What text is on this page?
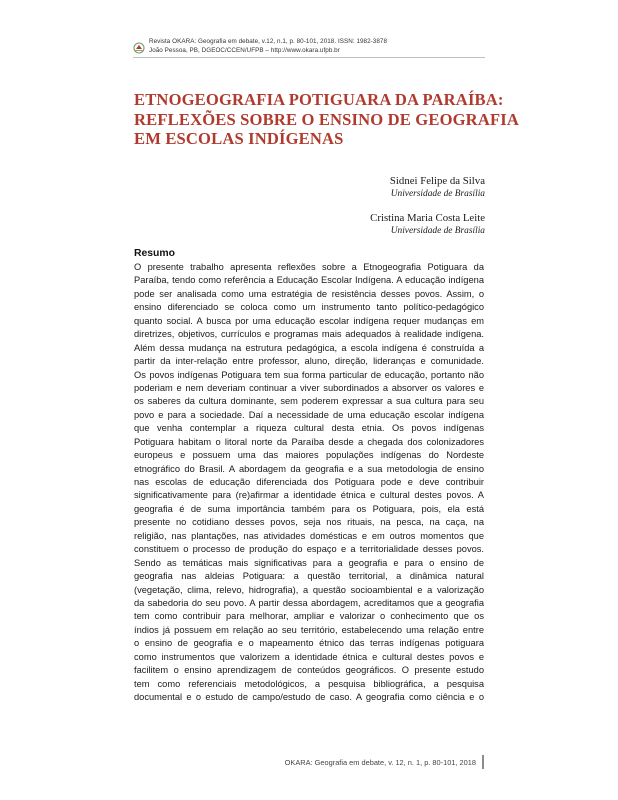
Revista OKARA: Geografia em debate, v.12, n.1, p. 80-101, 2018. ISSN: 1982-3878
João Pessoa, PB, DGEOC/CCEN/UFPB – http://www.okara.ufpb.br
ETNOGEOGRAFIA POTIGUARA DA PARAÍBA:
REFLEXÕES SOBRE O ENSINO DE GEOGRAFIA
EM ESCOLAS INDÍGENAS
Sidnei Felipe da Silva
Universidade de Brasília
Cristina Maria Costa Leite
Universidade de Brasília
Resumo
O presente trabalho apresenta reflexões sobre a Etnogeografia Potiguara da
Paraíba, tendo como referência a Educação Escolar Indígena. A educação indígena
pode ser analisada como uma estratégia de resistência desses povos. Assim, o
ensino diferenciado se coloca como um instrumento tanto político-pedagógico
quanto social. A busca por uma educação escolar indígena requer mudanças em
diretrizes, objetivos, currículos e programas mais adequados à realidade indígena.
Além dessa mudança na estrutura pedagógica, a escola indígena é construída a
partir da inter-relação entre professor, aluno, direção, lideranças e comunidade.
Os povos indígenas Potiguara tem sua forma particular de educação, portanto não
poderiam e nem deveriam continuar a viver subordinados a absorver os valores e
os saberes da cultura dominante, sem poderem expressar a sua cultura para seu
povo e para a sociedade. Daí a necessidade de uma educação escolar indígena
que venha contemplar a riqueza cultural desta etnia. Os povos indígenas
Potiguara habitam o litoral norte da Paraíba desde a chegada dos colonizadores
europeus e possuem uma das maiores populações indígenas do Nordeste
etnográfico do Brasil. A abordagem da geografia e a sua metodologia de ensino
nas escolas de educação diferenciada dos Potiguara pode e deve contribuir
significativamente para (re)afirmar a identidade étnica e cultural destes povos. A
geografia é de suma importância também para os Potiguara, pois, ela está
presente no cotidiano desses povos, seja nos rituais, na pesca, na caça, na
religião, nas plantações, nas atividades domésticas e em outros momentos que
constituem o processo de produção do espaço e a territorialidade desses povos.
Sendo as temáticas mais significativas para a geografia e para o ensino de
geografia nas aldeias Potiguara: a questão territorial, a dinâmica natural
(vegetação, clima, relevo, hidrografia), a questão socioambiental e a valorização
da sabedoria do seu povo. A partir dessa abordagem, acreditamos que a geografia
tem como contribuir para melhorar, ampliar e valorizar o conhecimento que os
índios já possuem em relação ao seu território, estabelecendo uma relação entre
o ensino de geografia e o mapeamento étnico das terras indígenas potiguara
como instrumentos que valorizem a identidade étnica e cultural destes povos e
facilitem o ensino aprendizagem de conteúdos geográficos. O presente estudo
tem como referenciais metodológicos, a pesquisa bibliográfica, a pesquisa
documental e o estudo de campo/estudo de caso. A geografia como ciência e o
OKARA: Geografia em debate, v. 12, n. 1, p. 80-101, 2018
